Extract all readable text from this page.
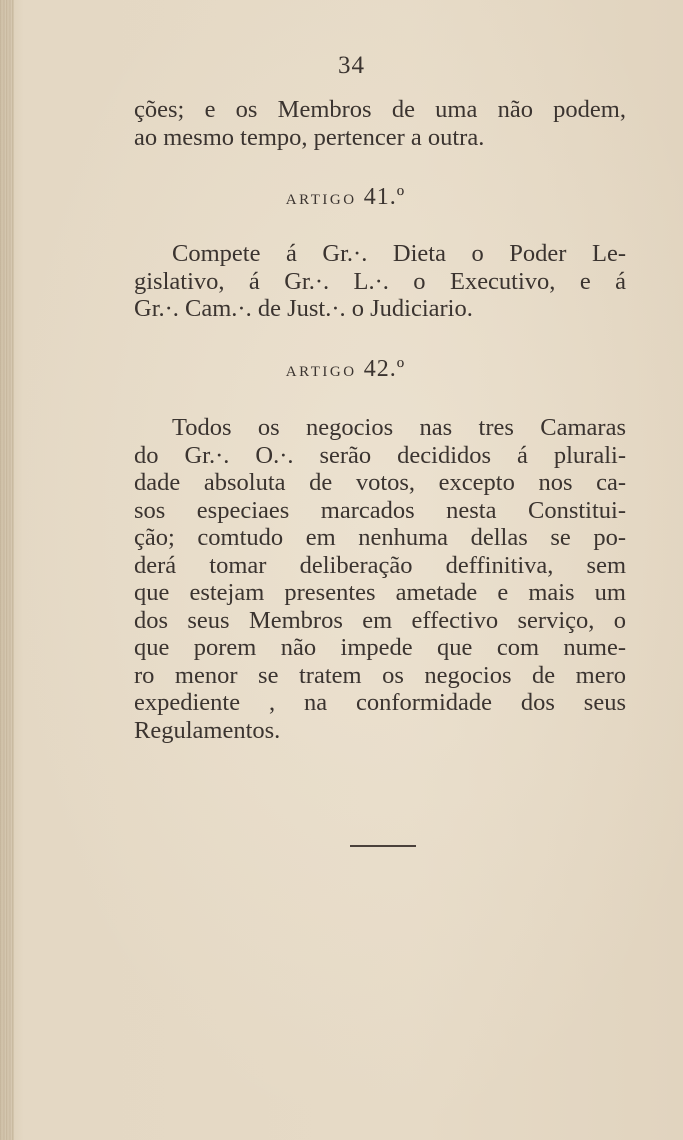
34
ções; e os Membros de uma não podem,
ao mesmo tempo, pertencer a outra.
ARTIGO 41.º
Compete á Gr.·. Dieta o Poder Le-
gislativo, á Gr.·. L.·. o Executivo, e á
Gr.·. Cam.·. de Just.·. o Judiciario.
ARTIGO 42.º
Todos os negocios nas tres Camaras
do Gr.·. O.·. serão decididos á plurali-
dade absoluta de votos, excepto nos ca-
sos especiaes marcados nesta Constitui-
ção; comtudo em nenhuma dellas se po-
derá tomar deliberação deffinitiva, sem
que estejam presentes ametade e mais um
dos seus Membros em effectivo serviço, o
que porem não impede que com nume-
ro menor se tratem os negocios de mero
expediente , na conformidade dos seus
Regulamentos.
